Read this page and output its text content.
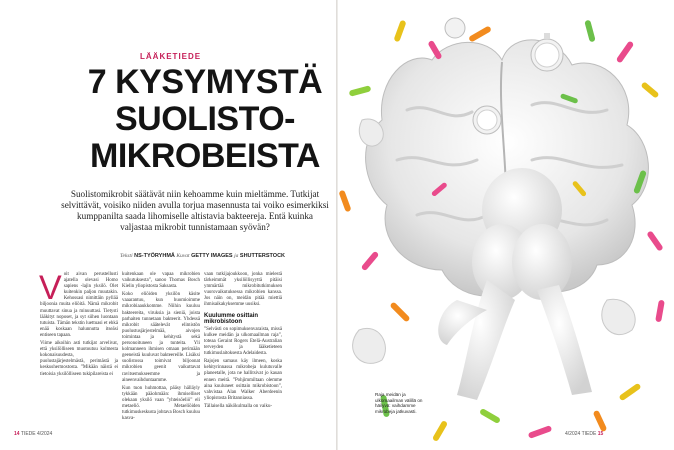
LÄÄKETIEDE
7 KYSYMYSTÄ
SUOLISTO-
MIKROBEISTA
Suolistomikrobit säätävät niin kehoamme kuin mieltämme. Tutkijat selvittävät, voisiko niiden avulla torjua masennusta tai voiko esimerkiksi kumppanilta saada lihomiselle altistavia bakteereja. Entä kuinka valjastaa mikrobit tunnistamaan syövän?
Teksti NS-TYÖRYHMÄ Kuvat GETTY IMAGES ja SHUTTERSTOCK
V oit aivan perustellusti ajatella olevasi Homo sapiens -lajin yksilö. Olet kuitenkin paljon muutakin. Kehossasi nimittäin pyllää biljoonia muita eliöitä. Nämä mikrobit muuttavat sinua ja minuuttasi. Tietysti lääkityt noposet, ja syt siihen luontaan tutuista. Tämän tekstin luettuasi et ehkä enää koskaan halunnutta itseäsi entiseen tapaan.

Viime aikoihin asti tutkijat arvelivat, että yksilölliseen muotoutuu kolmesta kokonaisuudesta, puolustajärjestelmästä, perimästä ja keskushermostosta. ”Mikään näistä ei tietoisia yksilölliseen tukipilareista ei

kuitenkaan ole vapaa mikrobien vaikutuksesta”, sanoo Thomas Bosch Kielin yliopistosta Saksasta.

Koko eliöiden yksilön käsite vaaarantuu, kun huomioimme mikrobiaaukkomme. Niihin kuuluu bakteereita, viruksia ja sieniä, joista parhaiten tunnetaan bakteerit. Yhdessä mikrobit säätelevät elimistön puolustusjärjestelmää, aivojen toimintaa ja kehitystä sekä personoituneen ja tunteita. Yli kolmanneen ihmisen omaan perimään geeneistä kuuluvat bakteereille. Lisäksi suolistossa toimivat biljoonat mikrobien geenit vaikuttavat ravitsemukseemme ja aineenvaihduntaamme.

Kun tuon huhmottaa, pääsy hälläyly tykkään pääohmään: ihmiselliset olekaan yksilö vaan ”yhteisöeliö” eli metaeliö. Metaeliöiden tutkimuskeskusta johtava Bosch kuuluu kasva-

vaan tutkijajoukkoon, jonka mielestä tärkeimmät yksilöllisyyttä pitäisi ymmärtää mikrobitutkimuksen vuorovaikutuksessa mikrobien kanssa. Jos näin on, meidän pitää miettiä ihmisaikakyksemme uusiksi.

Kuulumme osittain mikrobistoon

”Selvästi on sopimuksenvaraista, missä kulkee meidän ja ulkomaailman raja”, toteaa Geraint Rogers Etelä-Australian terveyden ja lääketieteen tutkimuslaitoksesta Adelaidesta.

Rajojen samaus käy ilmeen, koska kehityrinnassa mikrobeja kulutuvalle planeetalle, jota ne hallitsivat jo kauan ennen meitä. ”Pohjimmiltaan olemme aina kuuluneet osittain mikrobistoon”, vahvistaa Alan Walker Aberdeenin yliopistosta Britanniassa.

Tällaisella näkökulmalla on vaiku-

14 TIEDE 4/2024
Raja meidän ja ulkomaailman välillä on häilyvä: vaihdamme mikrobeja jatkuvasti.
4/2024 TIEDE 15
